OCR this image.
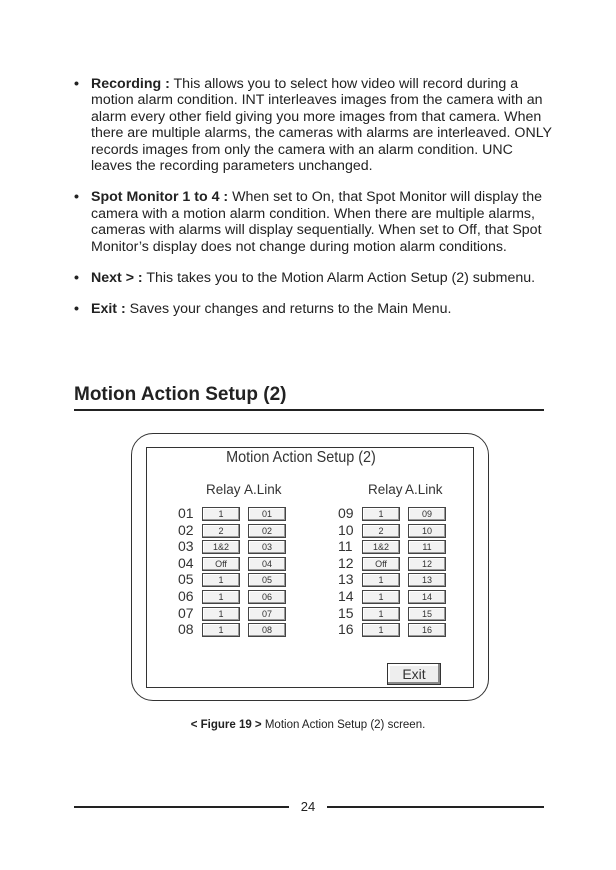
• Recording : This allows you to select how video will record during a motion alarm condition. INT interleaves images from the camera with an alarm every other field giving you more images from that camera. When there are multiple alarms, the cameras with alarms are interleaved. ONLY records images from only the camera with an alarm condition. UNC leaves the recording parameters unchanged.
• Spot Monitor 1 to 4 : When set to On, that Spot Monitor will display the camera with a motion alarm condition. When there are multiple alarms, cameras with alarms will display sequentially. When set to Off, that Spot Monitor’s display does not change during motion alarm conditions.
• Next > : This takes you to the Motion Alarm Action Setup (2) submenu.
• Exit : Saves your changes and returns to the Main Menu.
Motion Action Setup (2)
Motion Action Setup (2)
Relay A.Link	Relay A.Link
01	1	01
02	2	02
03	1&2	03
04	Off	04
05	1	05
06	1	06
07	1	07
08	1	08
09	1	09
10	2	10
11	1&2	11
12	Off	12
13	1	13
14	1	14
15	1	15
16	1	16
Exit
< Figure 19 > Motion Action Setup (2) screen.
24
